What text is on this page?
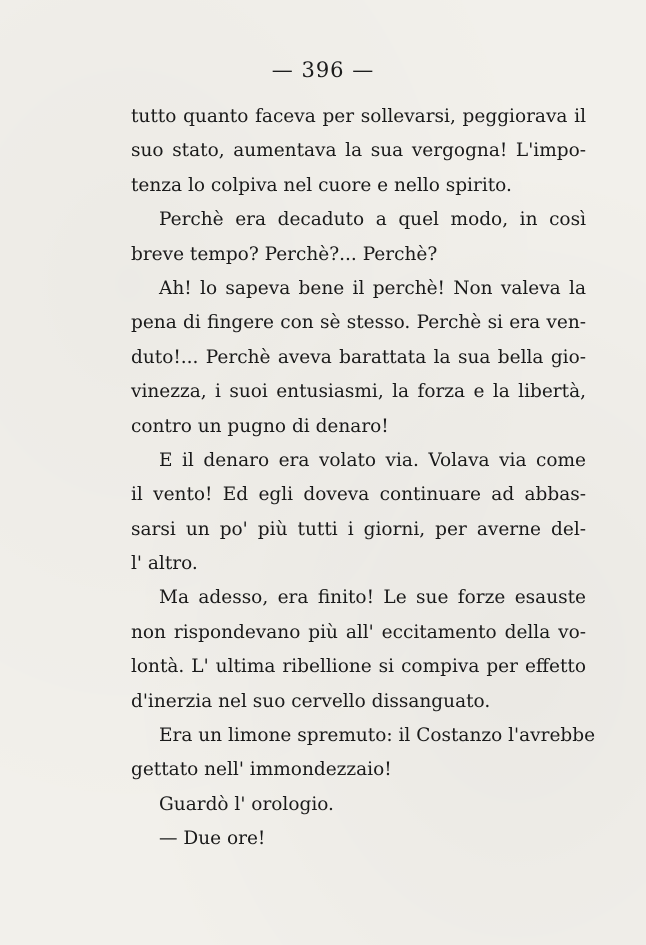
— 396 —
tutto quanto faceva per sollevarsi, peggiorava il
suo stato, aumentava la sua vergogna! L'impo-
tenza lo colpiva nel cuore e nello spirito.
Perchè era decaduto a quel modo, in così
breve tempo? Perchè?... Perchè?
Ah! lo sapeva bene il perchè! Non valeva la
pena di fingere con sè stesso. Perchè si era ven-
duto!... Perchè aveva barattata la sua bella gio-
vinezza, i suoi entusiasmi, la forza e la libertà,
contro un pugno di denaro!
E il denaro era volato via. Volava via come
il vento! Ed egli doveva continuare ad abbas-
sarsi un po' più tutti i giorni, per averne del-
l' altro.
Ma adesso, era finito! Le sue forze esauste
non rispondevano più all' eccitamento della vo-
lontà. L' ultima ribellione si compiva per effetto
d'inerzia nel suo cervello dissanguato.
Era un limone spremuto: il Costanzo l'avrebbe
gettato nell' immondezzaio!
Guardò l' orologio.
— Due ore!
